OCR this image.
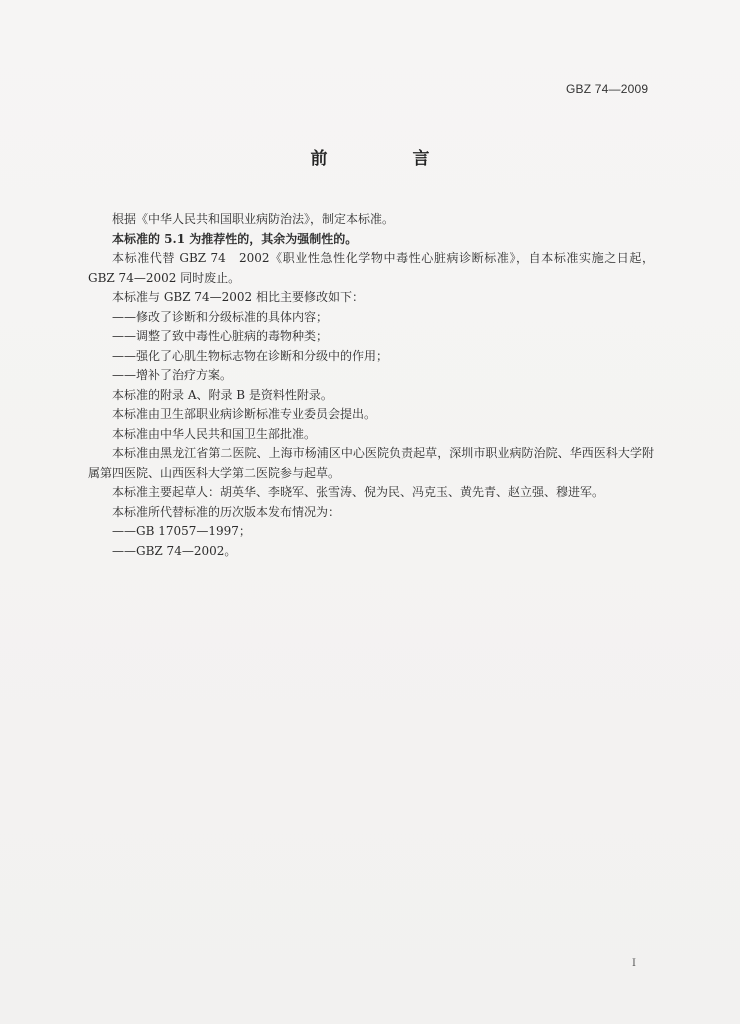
GBZ 74—2009
前　言

根据《中华人民共和国职业病防治法》，制定本标准。

本标准的 5.1 为推荐性的，其余为强制性的。

本标准代替 GBZ 74　2002《职业性急性化学物中毒性心脏病诊断标准》，自本标准实施之日起，GBZ 74—2002 同时废止。

本标准与 GBZ 74—2002 相比主要修改如下：

——修改了诊断和分级标准的具体内容；

——调整了致中毒性心脏病的毒物种类；

——强化了心肌生物标志物在诊断和分级中的作用；

——增补了治疗方案。

本标准的附录 A、附录 B 是资料性附录。

本标准由卫生部职业病诊断标准专业委员会提出。

本标准由中华人民共和国卫生部批准。

本标准由黑龙江省第二医院、上海市杨浦区中心医院负责起草，深圳市职业病防治院、华西医科大学附属第四医院、山西医科大学第二医院参与起草。

本标准主要起草人：胡英华、李晓军、张雪涛、倪为民、冯克玉、黄先青、赵立强、穆进军。

本标准所代替标准的历次版本发布情况为：

——GB 17057—1997；

——GBZ 74—2002。

I
